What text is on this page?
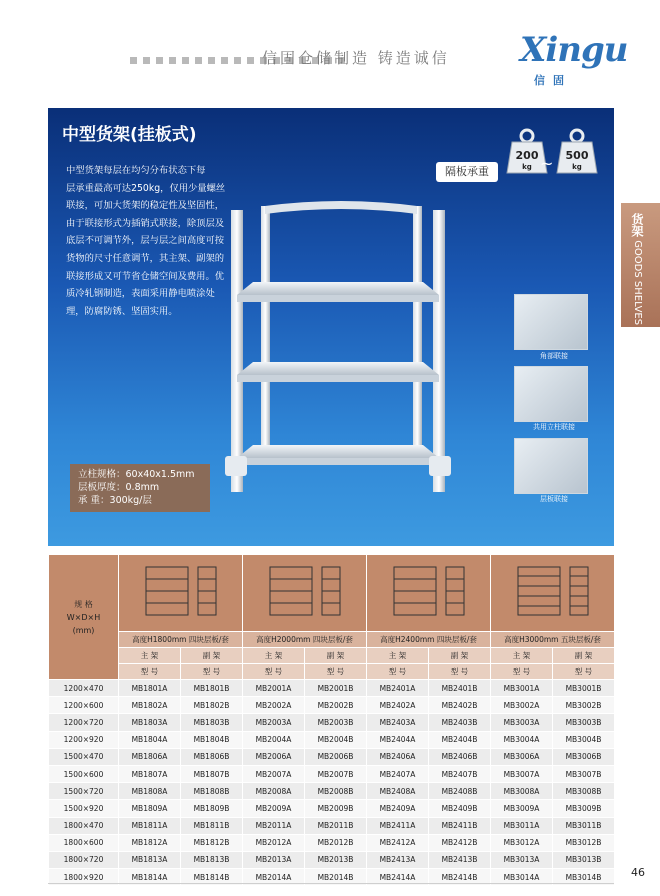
信固仓储制造 铸造诚信 Xingu
信固
货架 GOODS SHELVES
中型货架(挂板式)
中型货架每层在均匀分布状态下每
层承重最高可达250kg，仅用少量螺丝
联接，可加大货架的稳定性及坚固性，
由于联接形式为插销式联接，除顶层及
底层不可调节外，层与层之间高度可按
货物的尺寸任意调节，其主架、副架的
联接形成又可节省仓储空间及费用。优
质冷轧钢制造，表面采用静电喷涂处
理，防腐防锈、坚固实用。
隔板承重
200
kg ~ 500
kg
立柱规格：60x40x1.5mm
层板厚度：0.8mm
承 重：300kg/层
角部联接
共用立柱联接
层板联接
规 格
W×D×H
(mm)

	高度H1800mm 四块层板/套		高度H2000mm 四块层板/套		高度H2400mm 四块层板/套		高度H3000mm 五块层板/套	
	主 架	副 架	主 架	副 架	主 架	副 架	主 架	副 架
	型 号	型 号	型 号	型 号	型 号	型 号	型 号	型 号
1200×470	MB1801A	MB1801B	MB2001A	MB2001B	MB2401A	MB2401B	MB3001A	MB3001B
1200×600	MB1802A	MB1802B	MB2002A	MB2002B	MB2402A	MB2402B	MB3002A	MB3002B
1200×720	MB1803A	MB1803B	MB2003A	MB2003B	MB2403A	MB2403B	MB3003A	MB3003B
1200×920	MB1804A	MB1804B	MB2004A	MB2004B	MB2404A	MB2404B	MB3004A	MB3004B
1500×470	MB1806A	MB1806B	MB2006A	MB2006B	MB2406A	MB2406B	MB3006A	MB3006B
1500×600	MB1807A	MB1807B	MB2007A	MB2007B	MB2407A	MB2407B	MB3007A	MB3007B
1500×720	MB1808A	MB1808B	MB2008A	MB2008B	MB2408A	MB2408B	MB3008A	MB3008B
1500×920	MB1809A	MB1809B	MB2009A	MB2009B	MB2409A	MB2409B	MB3009A	MB3009B
1800×470	MB1811A	MB1811B	MB2011A	MB2011B	MB2411A	MB2411B	MB3011A	MB3011B
1800×600	MB1812A	MB1812B	MB2012A	MB2012B	MB2412A	MB2412B	MB3012A	MB3012B
1800×720	MB1813A	MB1813B	MB2013A	MB2013B	MB2413A	MB2413B	MB3013A	MB3013B
1800×920	MB1814A	MB1814B	MB2014A	MB2014B	MB2414A	MB2414B	MB3014A	MB3014B	46
